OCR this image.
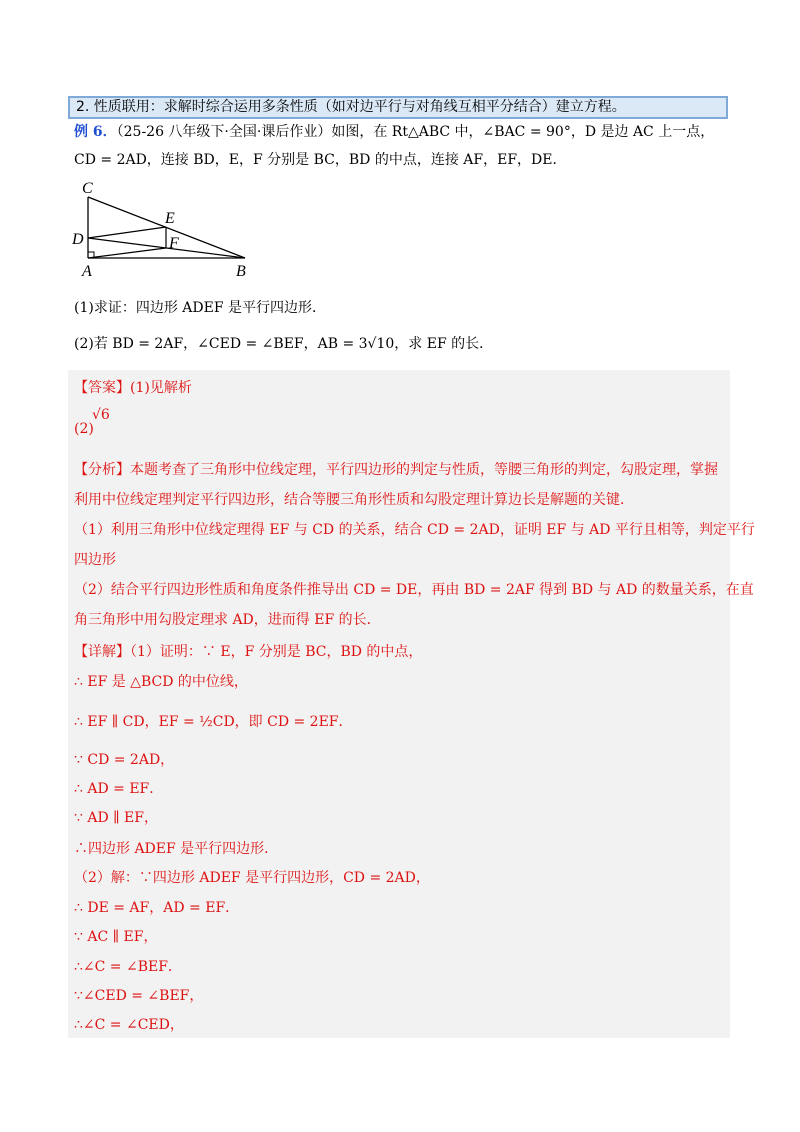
2. 性质联用：求解时综合运用多条性质（如对边平行与对角线互相平分结合）建立方程。
例 6．（25-26 八年级下·全国·课后作业）如图，在 Rt△ABC 中，∠BAC = 90°，D 是边 AC 上一点，
CD = 2AD，连接 BD，E，F 分别是 BC，BD 的中点，连接 AF，EF，DE．
C
E
D	F
A	B
(1)求证：四边形 ADEF 是平行四边形．
(2)若 BD = 2AF，∠CED = ∠BEF，AB = 3√10，求 EF 的长．
【答案】(1)见解析
√6
(2)
【分析】本题考查了三角形中位线定理，平行四边形的判定与性质，等腰三角形的判定，勾股定理，掌握
利用中位线定理判定平行四边形，结合等腰三角形性质和勾股定理计算边长是解题的关键．
（1）利用三角形中位线定理得 EF 与 CD 的关系，结合 CD = 2AD，证明 EF 与 AD 平行且相等，判定平行
四边形
（2）结合平行四边形性质和角度条件推导出 CD = DE，再由 BD = 2AF 得到 BD 与 AD 的数量关系，在直
角三角形中用勾股定理求 AD，进而得 EF 的长．
【详解】（1）证明：∵ E，F 分别是 BC，BD 的中点，
∴ EF 是 △BCD 的中位线，
∴ EF ∥ CD，EF = ½CD，即 CD = 2EF．
∵ CD = 2AD，
∴ AD = EF．
∵ AD ∥ EF，
∴四边形 ADEF 是平行四边形．
（2）解：∵四边形 ADEF 是平行四边形，CD = 2AD，
∴ DE = AF，AD = EF．
∵ AC ∥ EF，
∴∠C = ∠BEF．
∵∠CED = ∠BEF，
∴∠C = ∠CED，
